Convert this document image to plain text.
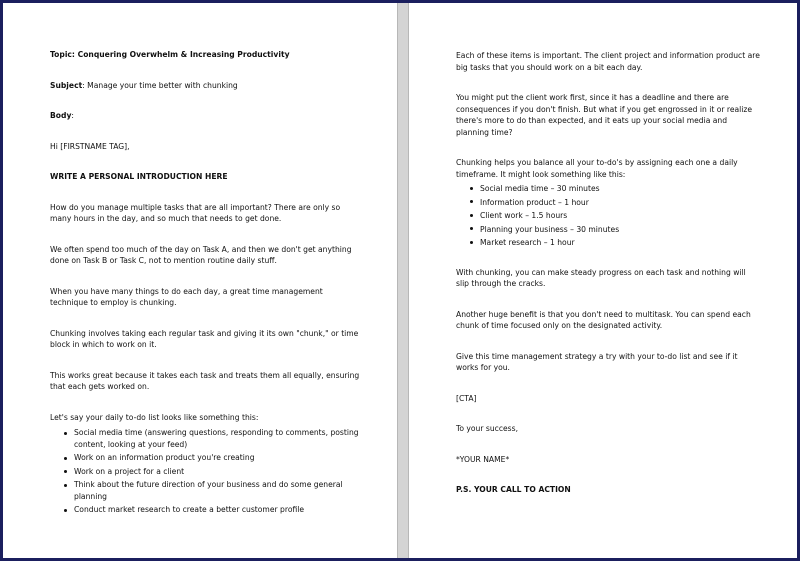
Topic: Conquering Overwhelm & Increasing Productivity

Subject: Manage your time better with chunking

Body:

Hi [FIRSTNAME TAG],

WRITE A PERSONAL INTRODUCTION HERE

How do you manage multiple tasks that are all important? There are only so many hours in the day, and so much that needs to get done.

We often spend too much of the day on Task A, and then we don't get anything done on Task B or Task C, not to mention routine daily stuff.

When you have many things to do each day, a great time management technique to employ is chunking.

Chunking involves taking each regular task and giving it its own "chunk," or time block in which to work on it.

This works great because it takes each task and treats them all equally, ensuring that each gets worked on.

Let's say your daily to-do list looks like something this:

Social media time (answering questions, responding to comments, posting content, looking at your feed)
Work on an information product you're creating
Work on a project for a client
Think about the future direction of your business and do some general planning
Conduct market research to create a better customer profile

Each of these items is important. The client project and information product are big tasks that you should work on a bit each day.

You might put the client work first, since it has a deadline and there are consequences if you don't finish. But what if you get engrossed in it or realize there's more to do than expected, and it eats up your social media and planning time?

Chunking helps you balance all your to-do's by assigning each one a daily timeframe. It might look something like this:

Social media time – 30 minutes
Information product – 1 hour
Client work – 1.5 hours
Planning your business – 30 minutes
Market research – 1 hour

With chunking, you can make steady progress on each task and nothing will slip through the cracks.

Another huge benefit is that you don't need to multitask. You can spend each chunk of time focused only on the designated activity.

Give this time management strategy a try with your to-do list and see if it works for you.

[CTA]

To your success,

*YOUR NAME*

P.S. YOUR CALL TO ACTION
